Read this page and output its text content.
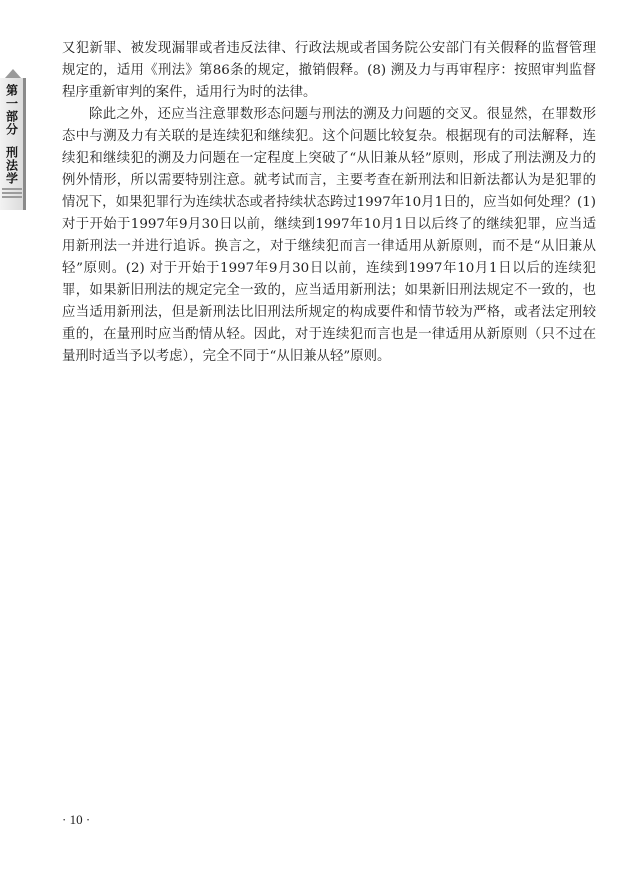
第一部分
刑法学

又犯新罪、被发现漏罪或者违反法律、行政法规或者国务院公安部门有关假释的监督管理规定的，适用《刑法》第86条的规定，撤销假释。(8) 溯及力与再审程序：按照审判监督程序重新审判的案件，适用行为时的法律。

除此之外，还应当注意罪数形态问题与刑法的溯及力问题的交叉。很显然，在罪数形态中与溯及力有关联的是连续犯和继续犯。这个问题比较复杂。根据现有的司法解释，连续犯和继续犯的溯及力问题在一定程度上突破了“从旧兼从轻”原则，形成了刑法溯及力的例外情形，所以需要特别注意。就考试而言，主要考查在新刑法和旧新法都认为是犯罪的情况下，如果犯罪行为连续状态或者持续状态跨过1997年10月1日的，应当如何处理？(1) 对于开始于1997年9月30日以前，继续到1997年10月1日以后终了的继续犯罪，应当适用新刑法一并进行追诉。换言之，对于继续犯而言一律适用从新原则，而不是“从旧兼从轻”原则。(2) 对于开始于1997年9月30日以前，连续到1997年10月1日以后的连续犯罪，如果新旧刑法的规定完全一致的，应当适用新刑法；如果新旧刑法规定不一致的，也应当适用新刑法，但是新刑法比旧刑法所规定的构成要件和情节较为严格，或者法定刑较重的，在量刑时应当酌情从轻。因此，对于连续犯而言也是一律适用从新原则（只不过在量刑时适当予以考虑），完全不同于“从旧兼从轻”原则。

· 10 ·
